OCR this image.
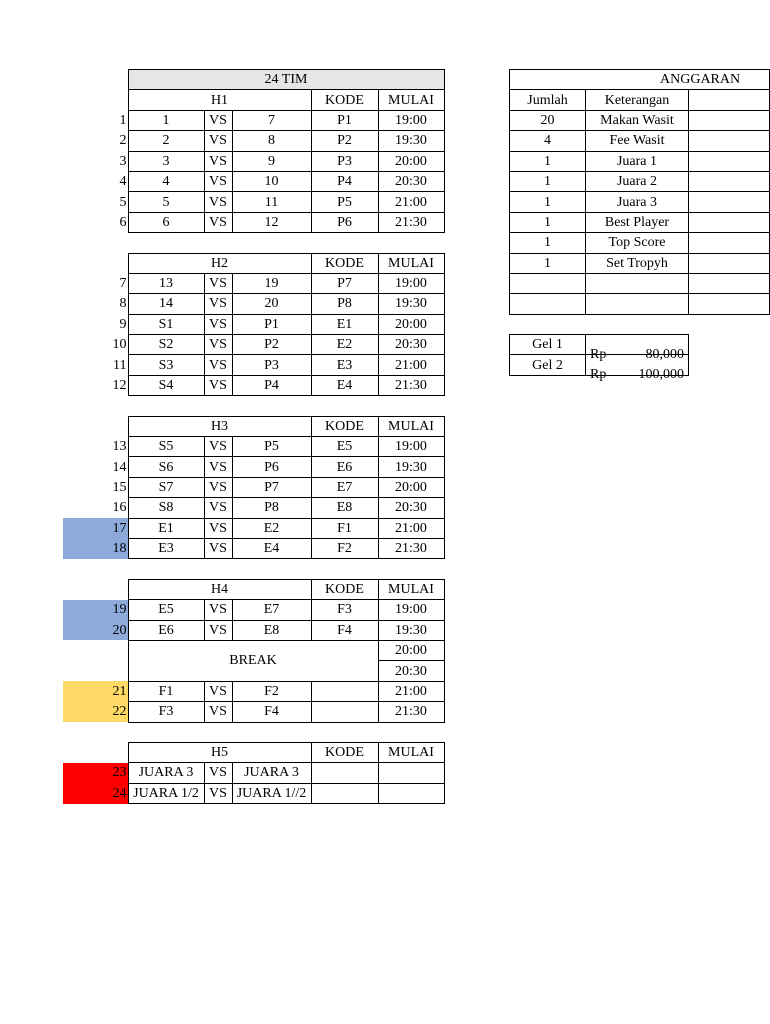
	24 TIM				
	H1			KODE	MULAI
1	1	VS	7	P1	19:00
2	2	VS	8	P2	19:30
3	3	VS	9	P3	20:00
4	4	VS	10	P4	20:30
5	5	VS	11	P5	21:00
6	6	VS	12	P6	21:30

	H2			KODE	MULAI
7	13	VS	19	P7	19:00
8	14	VS	20	P8	19:30
9	S1	VS	P1	E1	20:00
10	S2	VS	P2	E2	20:30
11	S3	VS	P3	E3	21:00
12	S4	VS	P4	E4	21:30

	H3			KODE	MULAI
13	S5	VS	P5	E5	19:00
14	S6	VS	P6	E6	19:30
15	S7	VS	P7	E7	20:00
16	S8	VS	P8	E8	20:30
17	E1	VS	E2	F1	21:00
18	E3	VS	E4	F2	21:30

	H4			KODE	MULAI
19	E5	VS	E7	F3	19:00
20	E6	VS	E8	F4	19:30
	BREAK				20:00
					20:30
21	F1	VS	F2		21:00
22	F3	VS	F4		21:30

	H5			KODE	MULAI
23	JUARA 3	VS	JUARA 3		
24	JUARA 1/2	VS	JUARA 1//2		
ANGGARAN		
Jumlah	Keterangan	
20	Makan Wasit	
4	Fee Wasit	
1	Juara 1	
1	Juara 2	
1	Juara 3	
1	Best Player	
1	Top Score	
1	Set Tropyh	

Gel 1	Rp 80,000	

Gel 2	Rp 100,000	
